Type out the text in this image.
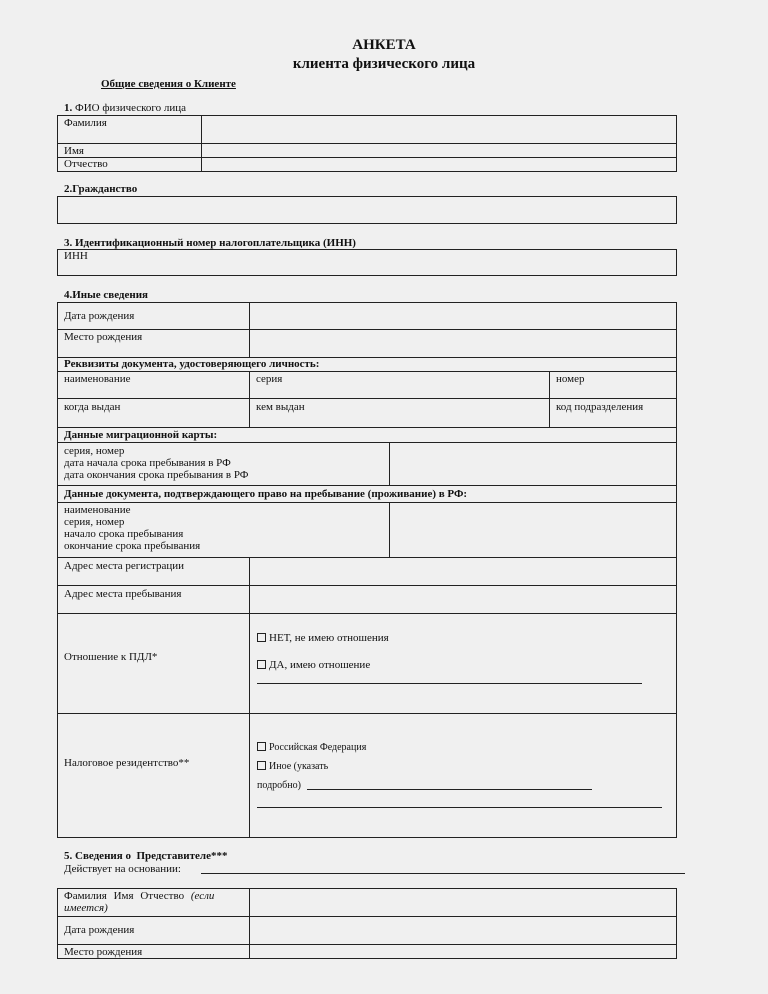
АНКЕТА
клиента физического лица
Общие сведения о Клиенте
1. ФИО физического лица
Фамилия
Имя
Отчество
2.Гражданство
3. Идентификационный номер налогоплательщика (ИНН)
ИНН
4.Иные сведения
Дата рождения
Место рождения
Реквизиты документа, удостоверяющего личность:
наименование	серия	номер
когда выдан	кем выдан	код подразделения
Данные миграционной карты:
серия, номер
дата начала срока пребывания в РФ
дата окончания срока пребывания в РФ
Данные документа, подтверждающего право на пребывание (проживание) в РФ:
наименование
серия, номер
начало срока пребывания
окончание срока пребывания
Адрес места регистрации
Адрес места пребывания
Отношение к ПДЛ*
НЕТ, не имею отношения
ДА, имею отношение
Налоговое резидентство**
Российская Федерация
Иное (указать
подробно)
5. Сведения о Представителе***
Действует на основании:
Фамилия Имя Отчество (если имеется)
Дата рождения
Место рождения
